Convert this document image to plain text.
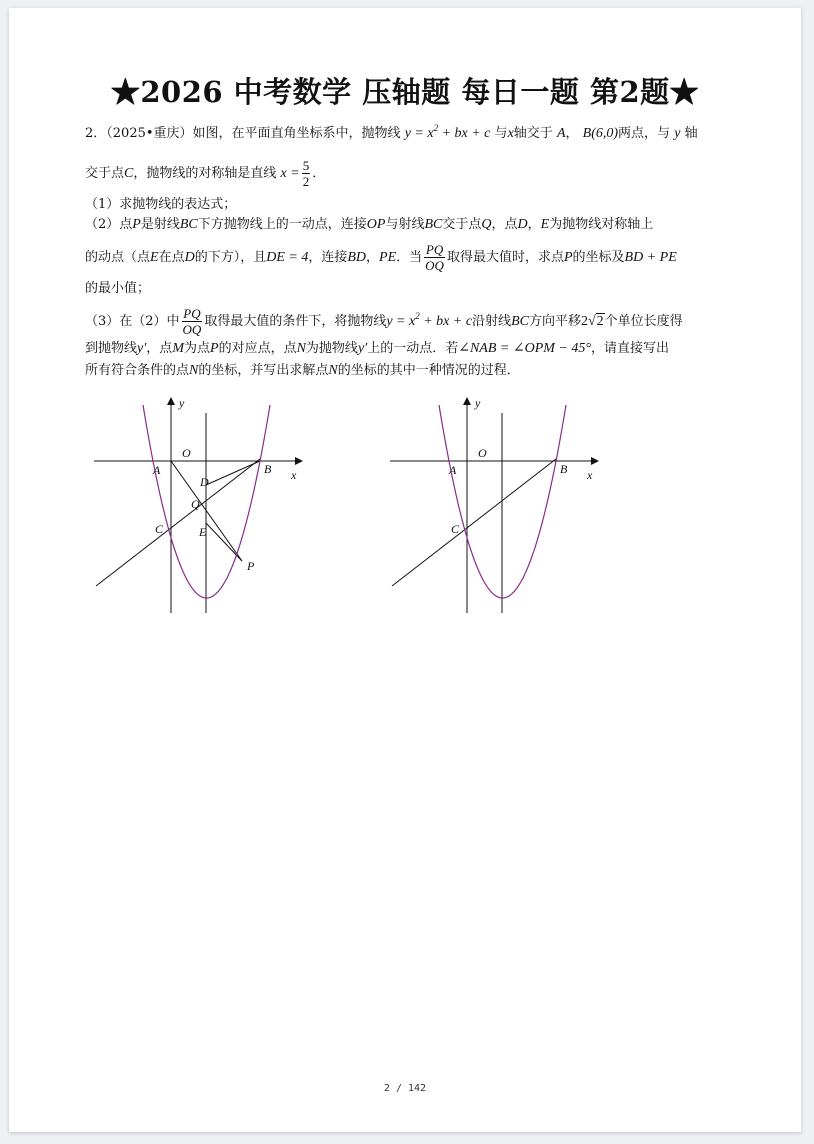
★2026 中考数学 压轴题 每日一题 第2题★
2．（2025•重庆）如图，在平面直角坐标系中，抛物线 $y = x^2$ + bx + c 与x轴交于 A， B(6,0)两点，与 y 轴
交于点C，抛物线的对称轴是直线 $x = \frac{5}{2}$ ．
（1）求抛物线的表达式；
（2）点P是射线BC下方抛物线上的一动点，连接OP与射线BC交于点Q，点D，E为抛物线对称轴上
的动点（点E在点D的下方），且DE = 4，连接BD，PE．当 $\frac{PQ}{OQ}$ 取得最大值时，求点P的坐标及BD + PE
的最小值；
（3）在（2）中 $\frac{PQ}{OQ}$ 取得最大值的条件下，将抛物线$y = x^2$ + bx + c沿射线BC方向平移2√2个单位长度得
到抛物线y′，点M为点P的对应点，点N为抛物线y′上的一动点．若∠NAB = ∠OPM − 45°，请直接写出
所有符合条件的点N的坐标，并写出求解点N的坐标的其中一种情况的过程．
y
x
O
A	B
C
D
Q
E
P
y
x
O
A	B
C
2 / 142
